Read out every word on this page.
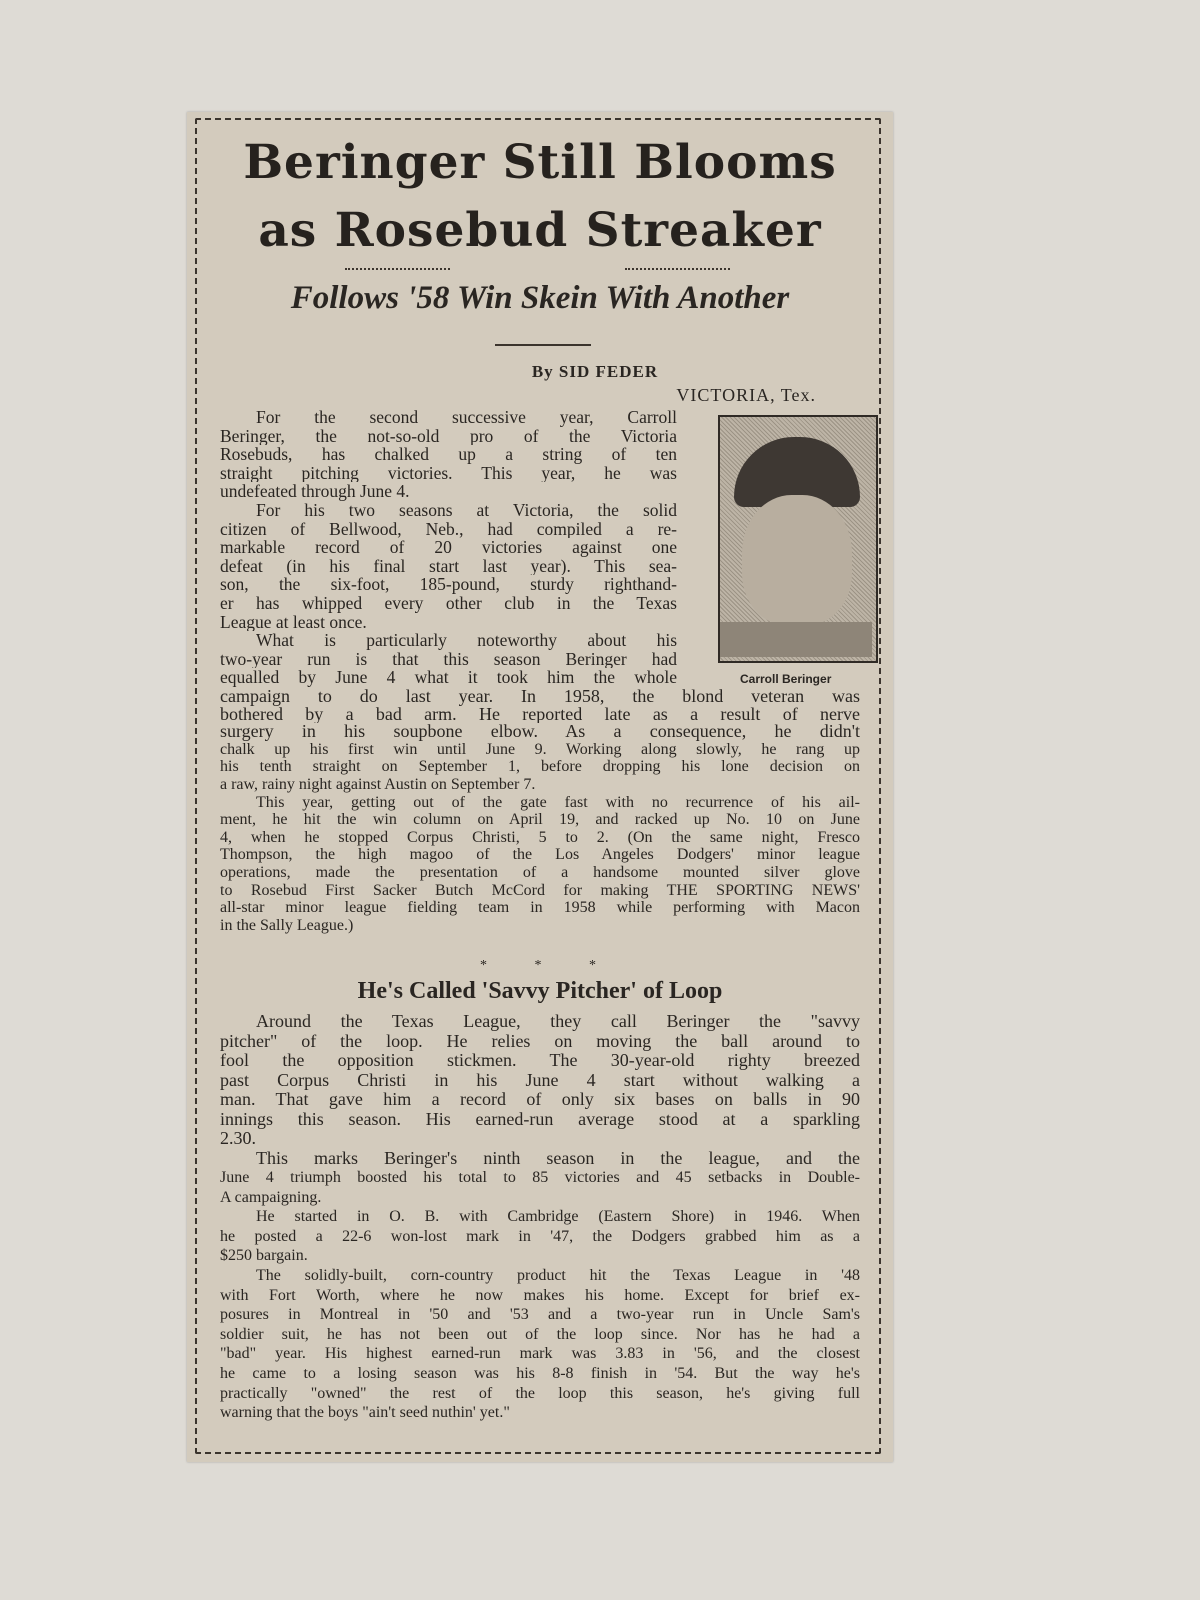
Beringer Still Blooms
as Rosebud Streaker
Follows '58 Win Skein With Another
By SID FEDER
VICTORIA, Tex.
For the second successive year, Carroll
Beringer, the not-so-old pro of the Victoria
Rosebuds, has chalked up a string of ten
straight pitching victories. This year, he was
undefeated through June 4.
For his two seasons at Victoria, the solid
citizen of Bellwood, Neb., had compiled a re-
markable record of 20 victories against one
defeat (in his final start last year). This sea-
son, the six-foot, 185-pound, sturdy righthand-
er has whipped every other club in the Texas
League at least once.
What is particularly noteworthy about his
two-year run is that this season Beringer had
equalled by June 4 what it took him the whole	Carroll Beringer
campaign to do last year. In 1958, the blond veteran was
bothered by a bad arm. He reported late as a result of nerve
surgery in his soupbone elbow. As a consequence, he didn't
chalk up his first win until June 9. Working along slowly, he rang up
his tenth straight on September 1, before dropping his lone decision on
a raw, rainy night against Austin on September 7.
This year, getting out of the gate fast with no recurrence of his ail-
ment, he hit the win column on April 19, and racked up No. 10 on June
4, when he stopped Corpus Christi, 5 to 2. (On the same night, Fresco
Thompson, the high magoo of the Los Angeles Dodgers' minor league
operations, made the presentation of a handsome mounted silver glove
to Rosebud First Sacker Butch McCord for making THE SPORTING NEWS'
all-star minor league fielding team in 1958 while performing with Macon
in the Sally League.)
* * *
He's Called 'Savvy Pitcher' of Loop
Around the Texas League, they call Beringer the "savvy
pitcher" of the loop. He relies on moving the ball around to
fool the opposition stickmen. The 30-year-old righty breezed
past Corpus Christi in his June 4 start without walking a
man. That gave him a record of only six bases on balls in 90
innings this season. His earned-run average stood at a sparkling
2.30.
This marks Beringer's ninth season in the league, and the
June 4 triumph boosted his total to 85 victories and 45 setbacks in Double-
A campaigning.
He started in O. B. with Cambridge (Eastern Shore) in 1946. When
he posted a 22-6 won-lost mark in '47, the Dodgers grabbed him as a
$250 bargain.
The solidly-built, corn-country product hit the Texas League in '48
with Fort Worth, where he now makes his home. Except for brief ex-
posures in Montreal in '50 and '53 and a two-year run in Uncle Sam's
soldier suit, he has not been out of the loop since. Nor has he had a
"bad" year. His highest earned-run mark was 3.83 in '56, and the closest
he came to a losing season was his 8-8 finish in '54. But the way he's
practically "owned" the rest of the loop this season, he's giving full
warning that the boys "ain't seed nuthin' yet."
